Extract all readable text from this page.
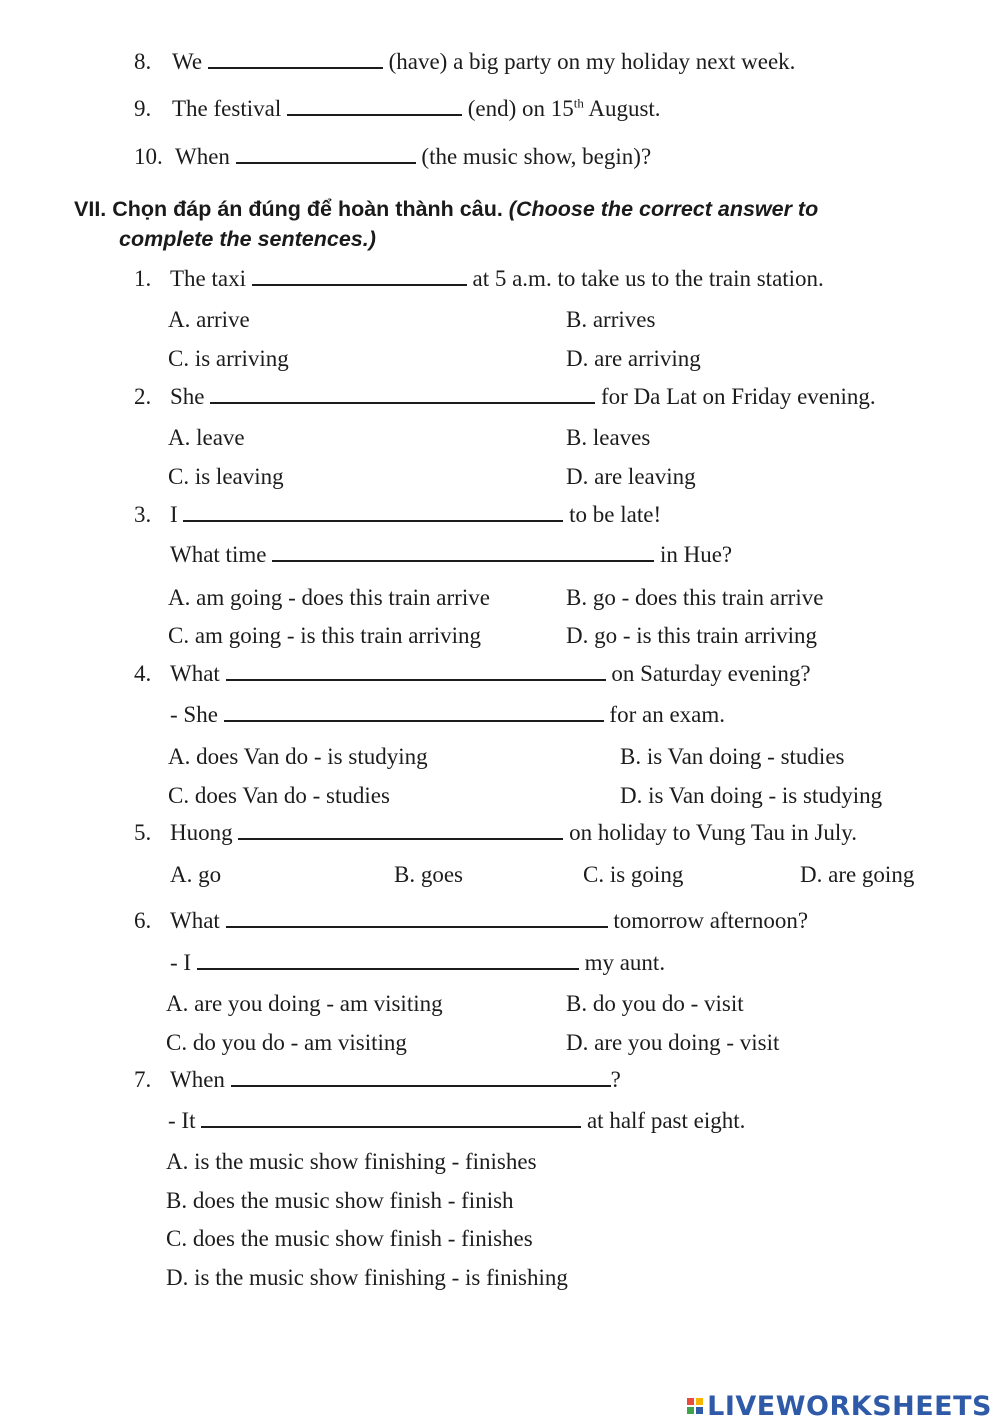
8. We	(have) a big party on my holiday next week.
9. The festival	(end) on 15th August.
10. When	(the music show, begin)?
VII. Chọn đáp án đúng để hoàn thành câu. (Choose the correct answer to
complete the sentences.)
1. The taxi	at 5 a.m. to take us to the train station.
A. arrive	B. arrives
C. is arriving	D. are arriving
2. She	for Da Lat on Friday evening.
A. leave	B. leaves
C. is leaving	D. are leaving
3. I	to be late!
What time	in Hue?
A. am going - does this train arrive	B. go - does this train arrive
C. am going - is this train arriving	D. go - is this train arriving
4. What	on Saturday evening?
- She	for an exam.
A. does Van do - is studying	B. is Van doing - studies
C. does Van do - studies	D. is Van doing - is studying
5. Huong	on holiday to Vung Tau in July.
A. go	B. goes	C. is going	D. are going
6. What	tomorrow afternoon?
- I	my aunt.
A. are you doing - am visiting	B. do you do - visit
C. do you do - am visiting	D. are you doing - visit
7. When	?
- It	at half past eight.
A. is the music show finishing - finishes
B. does the music show finish - finish
C. does the music show finish - finishes
D. is the music show finishing - is finishing
LIVEWORKSHEETS
